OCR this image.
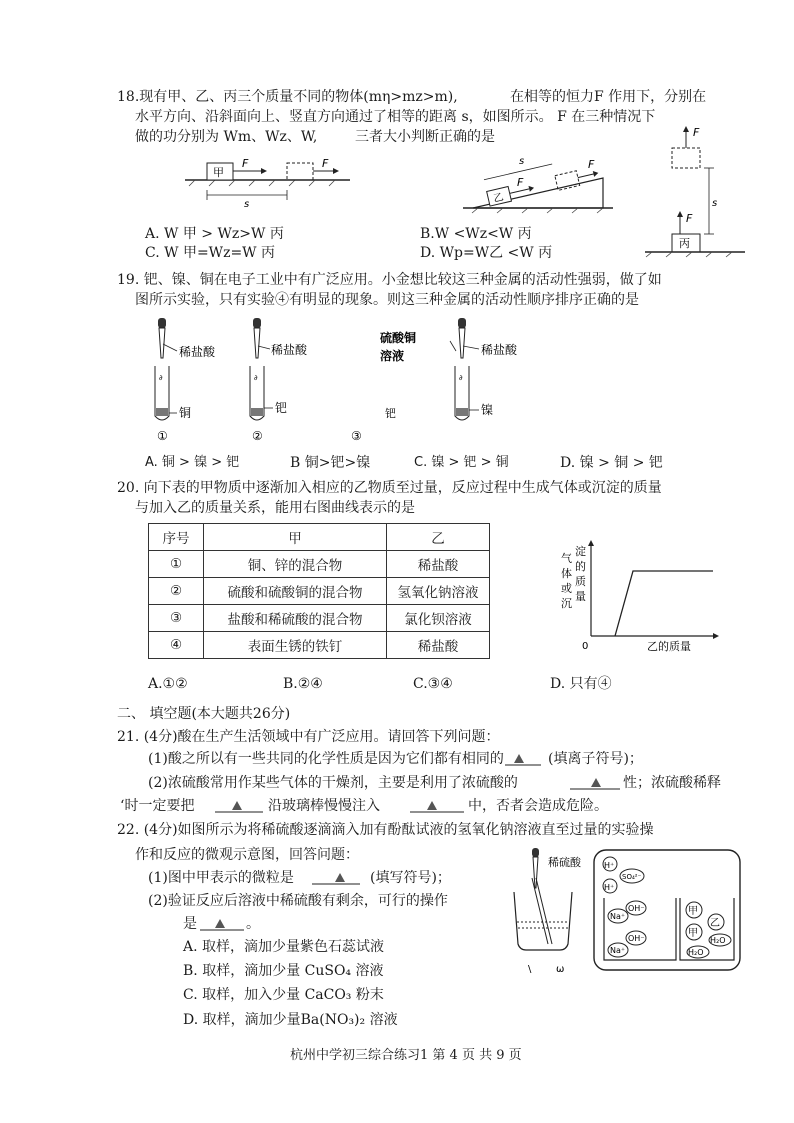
18.现有甲、乙、丙三个质量不同的物体(mη>mz>m),	在相等的恒力F 作用下，分别在
水平方向、沿斜面向上、竖直方向通过了相等的距离 s，如图所示。 F 在三种情况下
做的功分别为 Wm、Wz、W,	三者大小判断正确的是
甲
F	F
s	乙
F
F
s
F
s
丙
F
A. W 甲 > Wz>W 丙	B.W <Wz<W 丙
C. W 甲=Wz=W 丙	D. Wp=W乙 <W 丙
19. 钯、镍、铜在电子工业中有广泛应用。小金想比较这三种金属的活动性强弱，做了如
图所示实验，只有实验④有明显的现象。则这三种金属的活动性顺序排序正确的是
稀盐酸
∂
铜
①
稀盐酸
∂
钯
②
硫酸铜
溶液
钯
③
稀盐酸
∂
镍
A. 铜 > 镍 > 钯	B 铜>钯>镍	C. 镍 > 钯 > 铜	D. 镍 > 铜 > 钯
20. 向下表的甲物质中逐渐加入相应的乙物质至过量，反应过程中生成气体或沉淀的质量
与加入乙的质量关系，能用右图曲线表示的是
序号	甲	乙
①	铜、锌的混合物	稀盐酸
②	硫酸和硫酸铜的混合物	氢氧化钠溶液
③	盐酸和稀硫酸的混合物	氯化钡溶液
④	表面生锈的铁钉	稀盐酸
气
体
或
沉
淀
的
质
量
0	乙的质量
A.①②	B.②④	C.③④	D. 只有④
二、 填空题(本大题共26分)
21. (4分)酸在生产生活领域中有广泛应用。请回答下列问题：
(1)酸之所以有一些共同的化学性质是因为它们都有相同的	(填离子符号)；
(2)浓硫酸常用作某些气体的干燥剂，主要是利用了浓硫酸的	性；浓硫酸稀释
‘时一定要把	沿玻璃棒慢慢注入	中，否者会造成危险。
22. (4分)如图所示为将稀硫酸逐滴滴入加有酚酞试液的氢氧化钠溶液直至过量的实验操
作和反应的微观示意图，回答问题：
(1)图中甲表示的微粒是	(填写符号)；
(2)验证反应后溶液中稀硫酸有剩余，可行的操作
是	。
A. 取样，滴加少量紫色石蕊试液
B. 取样，滴加少量 CuSO₄ 溶液
C. 取样，加入少量 CaCO₃ 粉末
D. 取样，滴加少量Ba(NO₃)₂ 溶液
稀硫酸
\ ѡ
H⁺
SO₄²⁻
H⁺
Na⁺
OH⁻
OH⁻
Na⁺
甲
乙
甲
H₂O
H₂O
杭州中学初三综合练习1 第 4 页 共 9 页
